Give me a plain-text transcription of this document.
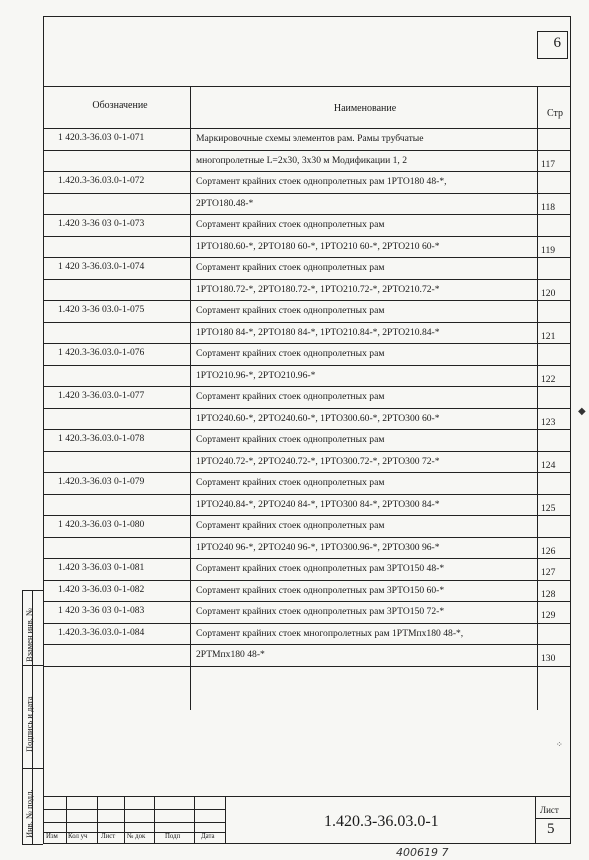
6
Обозначение	Наименование	Стр
1 420.3-36.03 0-1-071	Маркировочные схемы элементов рам. Рамы трубчатые
многопролетные L=2x30, 3x30 м Модификации 1, 2	117
1.420.3-36.03.0-1-072	Сортамент крайних стоек однопролетных рам 1РТО180 48-*,
2РТО180.48-*	118
1.420 3-36 03 0-1-073	Сортамент крайних стоек однопролетных рам
1РТО180.60-*, 2РТО180 60-*, 1РТО210 60-*, 2РТО210 60-*	119
1 420 3-36.03.0-1-074	Сортамент крайних стоек однопролетных рам
1РТО180.72-*, 2РТО180.72-*, 1РТО210.72-*, 2РТО210.72-*	120
1.420 3-36 03.0-1-075	Сортамент крайних стоек однопролетных рам
1РТО180 84-*, 2РТО180 84-*, 1РТО210.84-*, 2РТО210.84-*	121
1 420.3-36.03.0-1-076	Сортамент крайних стоек однопролетных рам
1РТО210.96-*, 2РТО210.96-*	122
1.420 3-36.03.0-1-077	Сортамент крайних стоек однопролетных рам
1РТО240.60-*, 2РТО240.60-*, 1РТО300.60-*, 2РТО300 60-*	123
1 420.3-36.03.0-1-078	Сортамент крайних стоек однопролетных рам
1РТО240.72-*, 2РТО240.72-*, 1РТО300.72-*, 2РТО300 72-*	124
1.420.3-36.03 0-1-079	Сортамент крайних стоек однопролетных рам
1РТО240.84-*, 2РТО240 84-*, 1РТО300 84-*, 2РТО300 84-*	125
1 420.3-36.03 0-1-080	Сортамент крайних стоек однопролетных рам
1РТО240 96-*, 2РТО240 96-*, 1РТО300.96-*, 2РТО300 96-*	126
1.420 3-36.03 0-1-081	Сортамент крайних стоек однопролетных рам 3РТО150 48-*	127
1.420 3-36.03 0-1-082	Сортамент крайних стоек однопролетных рам 3РТО150 60-*	128
1 420 3-36 03 0-1-083	Сортамент крайних стоек однопролетных рам 3РТО150 72-*	129
1.420.3-36.03.0-1-084	Сортамент крайних стоек многопролетных рам 1РТМпх180 48-*,
2РТМпх180 48-*	130
Взамен инв. №
Подпись и дата
Инв. № подл. Изм Кол уч Лист № док	Подп	Дата
1.420.3-36.03.0-1
Лист
5
400619 7
◆
⁘
